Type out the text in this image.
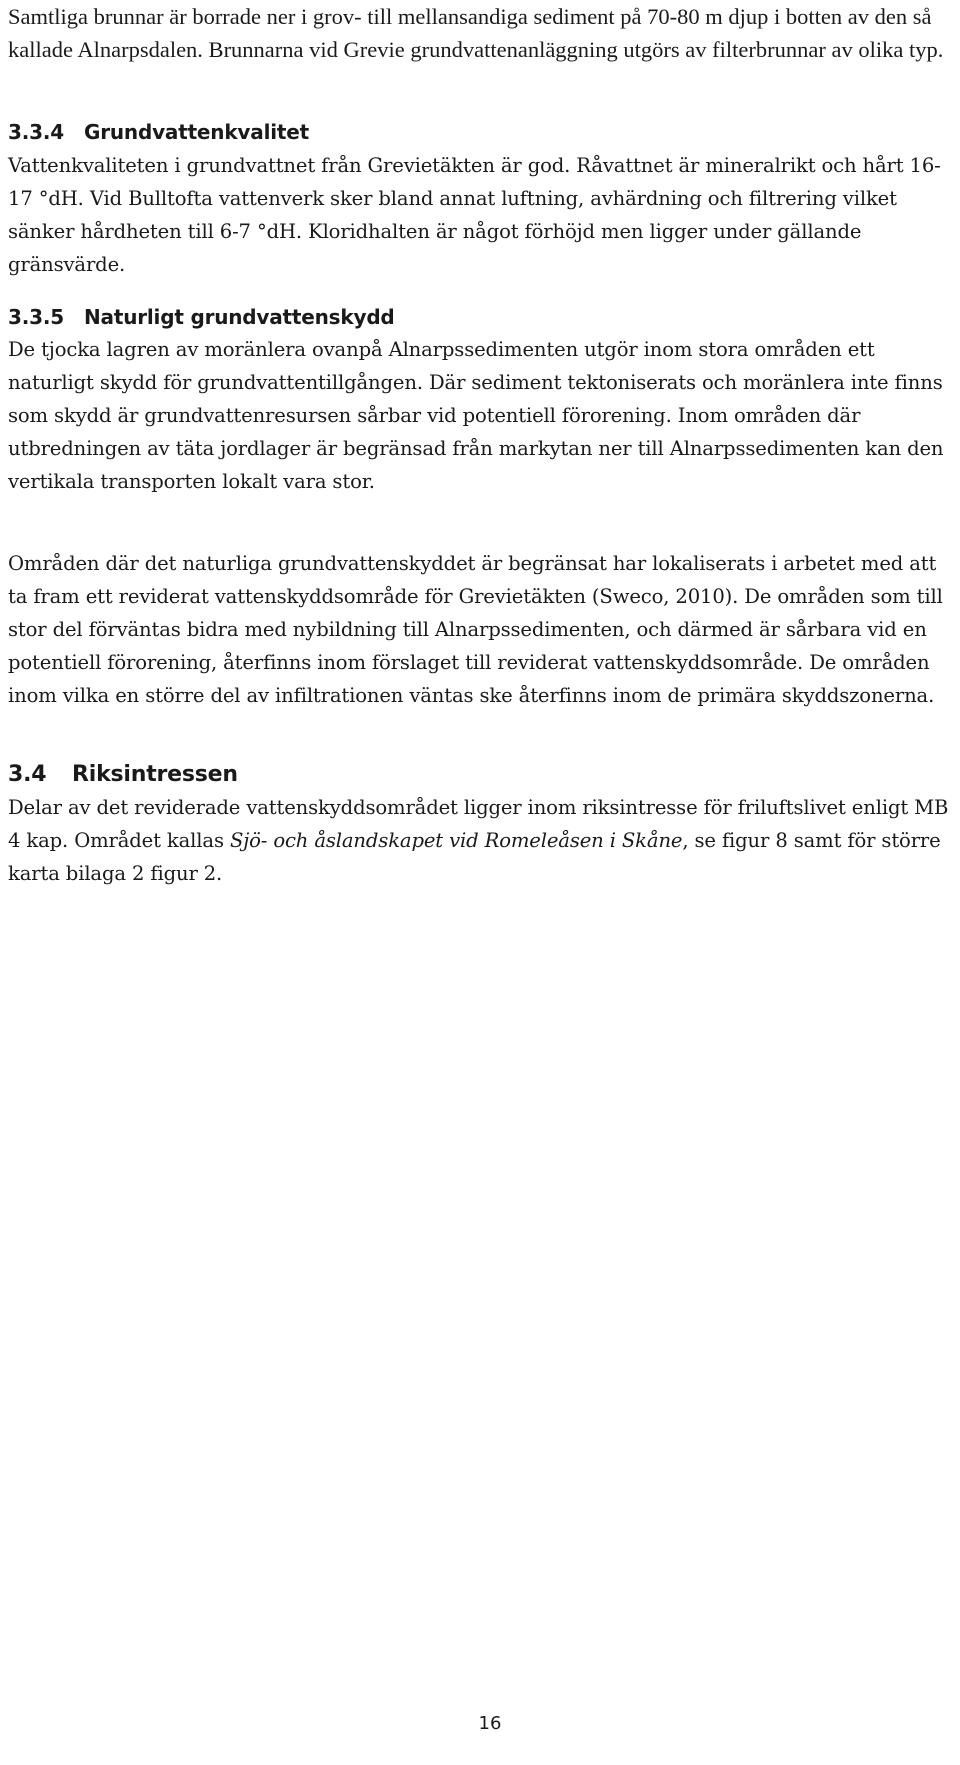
Samtliga brunnar är borrade ner i grov- till mellansandiga sediment på 70-80 m djup i botten av den så kallade Alnarpsdalen. Brunnarna vid Grevie grundvattenanläggning utgörs av filterbrunnar av olika typ.

3.3.4 Grundvattenkvalitet

Vattenkvaliteten i grundvattnet från Grevietäkten är god. Råvattnet är mineralrikt och hårt 16-17 °dH. Vid Bulltofta vattenverk sker bland annat luftning, avhärdning och filtrering vilket sänker hårdheten till 6-7 °dH. Kloridhalten är något förhöjd men ligger under gällande gränsvärde.

3.3.5 Naturligt grundvattenskydd

De tjocka lagren av moränlera ovanpå Alnarpssedimenten utgör inom stora områden ett naturligt skydd för grundvattentillgången. Där sediment tektoniserats och moränlera inte finns som skydd är grundvattenresursen sårbar vid potentiell förorening. Inom områden där utbredningen av täta jordlager är begränsad från markytan ner till Alnarpssedimenten kan den vertikala transporten lokalt vara stor.

Områden där det naturliga grundvattenskyddet är begränsat har lokaliserats i arbetet med att ta fram ett reviderat vattenskyddsområde för Grevietäkten (Sweco, 2010). De områden som till stor del förväntas bidra med nybildning till Alnarpssedimenten, och därmed är sårbara vid en potentiell förorening, återfinns inom förslaget till reviderat vattenskyddsområde. De områden inom vilka en större del av infiltrationen väntas ske återfinns inom de primära skyddszonerna.

3.4 Riksintressen

Delar av det reviderade vattenskyddsområdet ligger inom riksintresse för friluftslivet enligt MB 4 kap. Området kallas Sjö- och åslandskapet vid Romeleåsen i Skåne, se figur 8 samt för större karta bilaga 2 figur 2.

16
